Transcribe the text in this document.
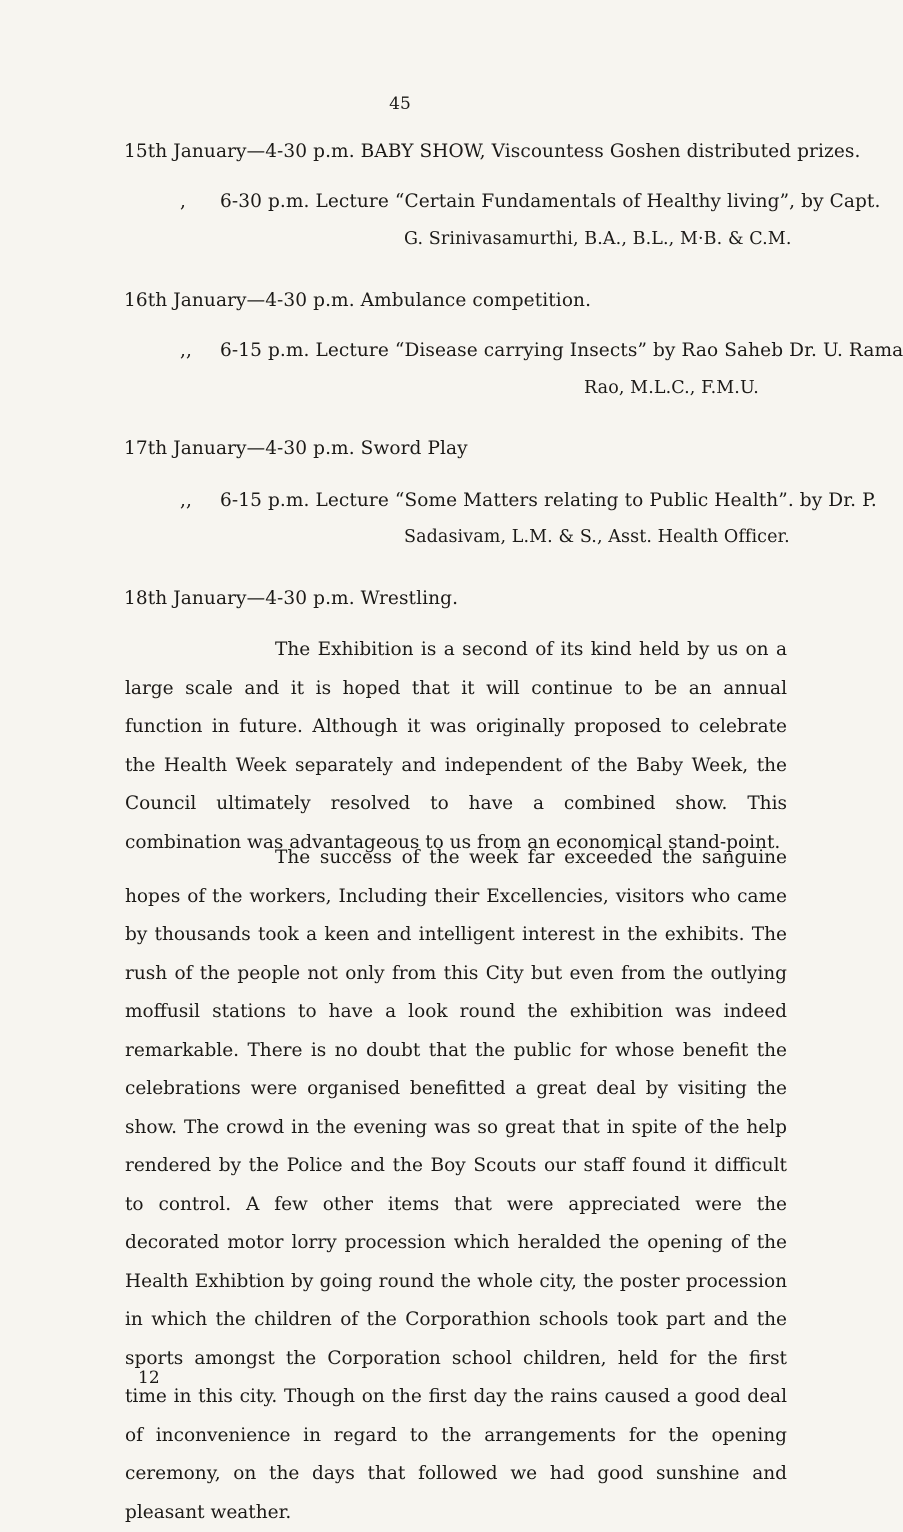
45
15th January—4-30 p.m. BABY SHOW, Viscountess Goshen distributed prizes.
, 6-30 p.m. Lecture “Certain Fundamentals of Healthy living”, by Capt.
G. Srinivasamurthi, B.A., B.L., M·B. & C.M.
16th January—4-30 p.m. Ambulance competition.
,, 6-15 p.m. Lecture “Disease carrying Insects” by Rao Saheb Dr. U. Rama
Rao, M.L.C., F.M.U.
17th January—4-30 p.m. Sword Play
,, 6-15 p.m. Lecture “Some Matters relating to Public Health”. by Dr. P.
Sadasivam, L.M. & S., Asst. Health Officer.
18th January—4-30 p.m. Wrestling.
The Exhibition is a second of its kind held by us on a large scale and it is hoped that it will continue to be an annual function in future. Although it was originally proposed to celebrate the Health Week separately and independent of the Baby Week, the Council ultimately resolved to have a combined show. This combination was advantageous to us from an economical stand-point.
The success of the week far exceeded the sanguine hopes of the workers, Including their Excellencies, visitors who came by thousands took a keen and intelligent interest in the exhibits. The rush of the people not only from this City but even from the outlying moffusil stations to have a look round the exhibition was indeed remarkable. There is no doubt that the public for whose benefit the celebrations were organised benefitted a great deal by visiting the show. The crowd in the evening was so great that in spite of the help rendered by the Police and the Boy Scouts our staff found it difficult to control. A few other items that were appreciated were the decorated motor lorry procession which heralded the opening of the Health Exhibtion by going round the whole city, the poster procession in which the children of the Corporathion schools took part and the sports amongst the Corporation school children, held for the first time in this city. Though on the first day the rains caused a good deal of inconvenience in regard to the arrangements for the opening ceremony, on the days that followed we had good sunshine and pleasant weather.
12
